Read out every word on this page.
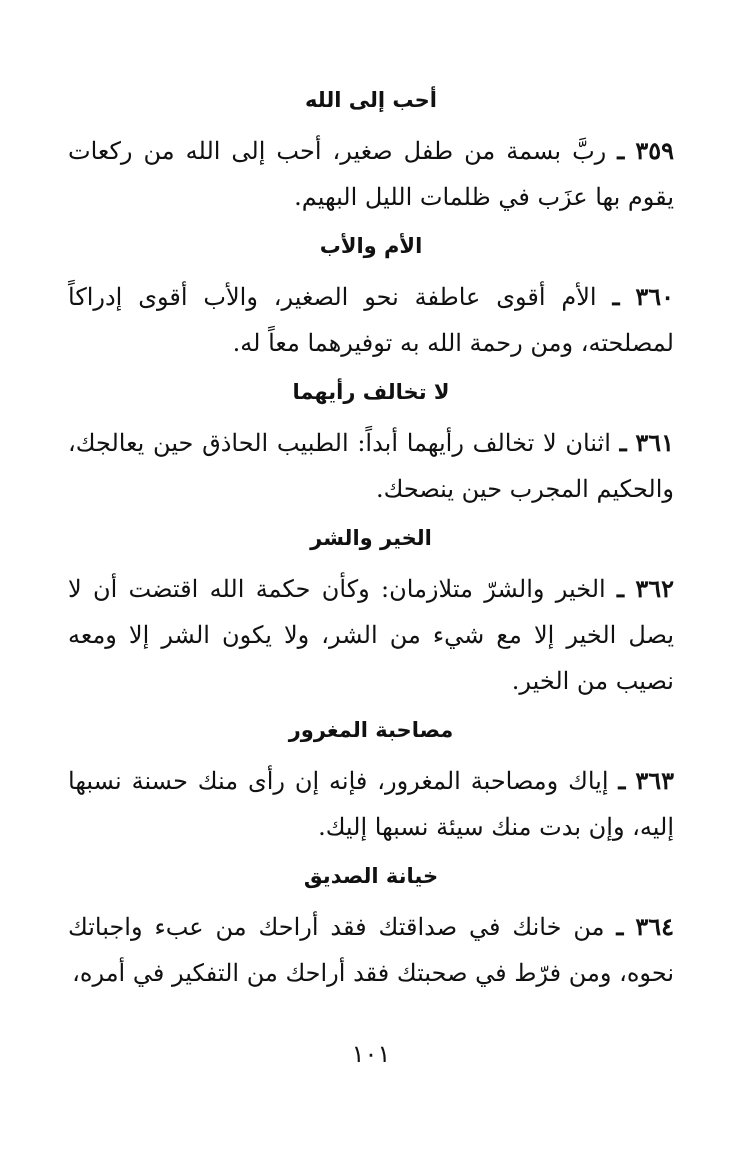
أحب إلى الله

٣٥٩ ـ ربَّ بسمة من طفل صغير، أحب إلى الله من ركعات يقوم بها عزَب في ظلمات الليل البهيم.

الأم والأب

٣٦٠ ـ الأم أقوى عاطفة نحو الصغير، والأب أقوى إدراكاً لمصلحته، ومن رحمة الله به توفيرهما معاً له.

لا تخالف رأيهما

٣٦١ ـ اثنان لا تخالف رأيهما أبداً: الطبيب الحاذق حين يعالجك، والحكيم المجرب حين ينصحك.

الخير والشر

٣٦٢ ـ الخير والشرّ متلازمان: وكأن حكمة الله اقتضت أن لا يصل الخير إلا مع شيء من الشر، ولا يكون الشر إلا ومعه نصيب من الخير.

مصاحبة المغرور

٣٦٣ ـ إياك ومصاحبة المغرور، فإنه إن رأى منك حسنة نسبها إليه، وإن بدت منك سيئة نسبها إليك.

خيانة الصديق

٣٦٤ ـ من خانك في صداقتك فقد أراحك من عبء واجباتك نحوه، ومن فرّط في صحبتك فقد أراحك من التفكير في أمره،

١٠١
